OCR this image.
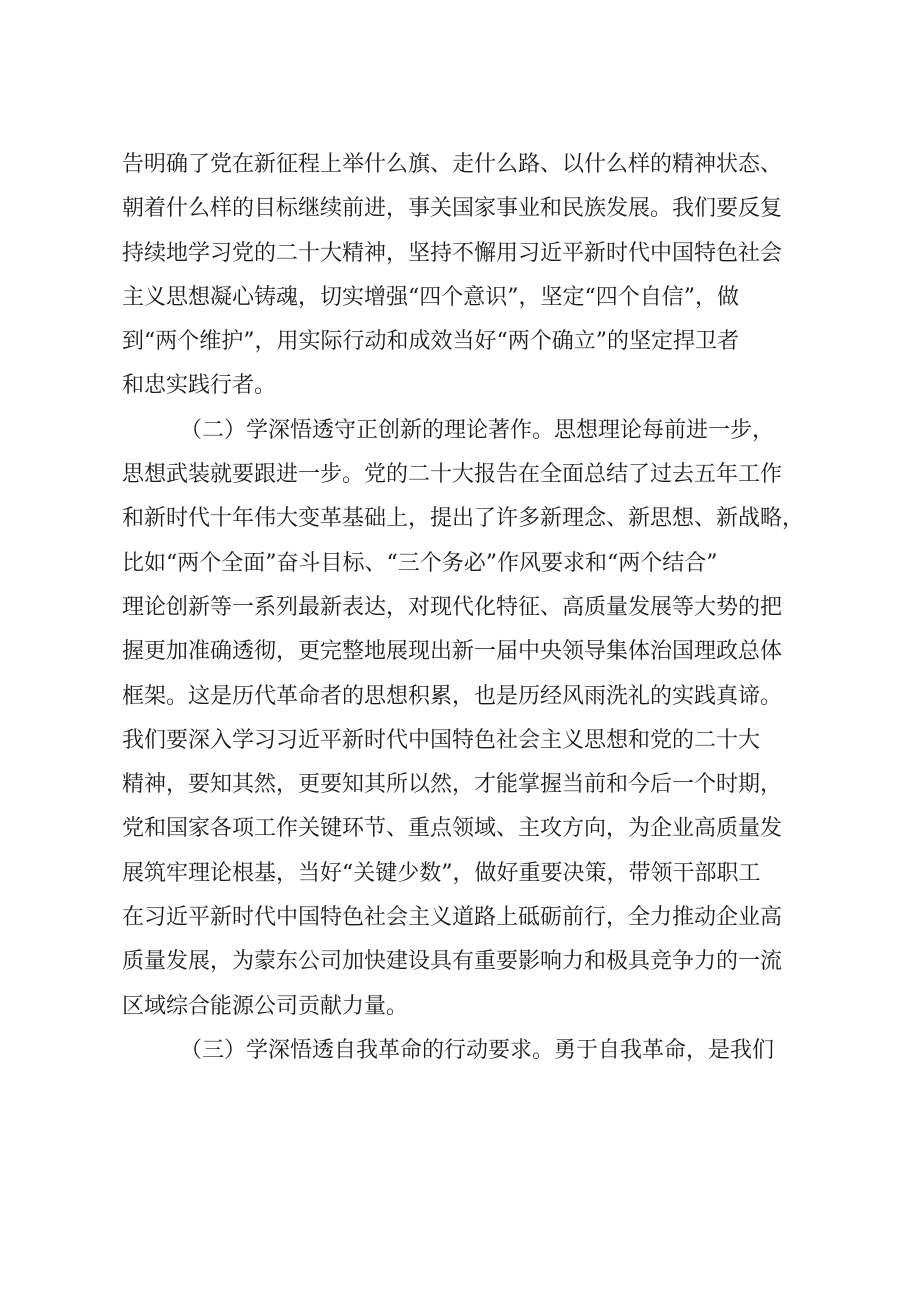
告明确了党在新征程上举什么旗、走什么路、以什么样的精神状态、
朝着什么样的目标继续前进，事关国家事业和民族发展。我们要反复
持续地学习党的二十大精神，坚持不懈用习近平新时代中国特色社会
主义思想凝心铸魂，切实增强“四个意识”，坚定“四个自信”，做
到“两个维护”，用实际行动和成效当好“两个确立”的坚定捍卫者
和忠实践行者。
（二）学深悟透守正创新的理论著作。思想理论每前进一步，
思想武装就要跟进一步。党的二十大报告在全面总结了过去五年工作
和新时代十年伟大变革基础上，提出了许多新理念、新思想、新战略，
比如“两个全面”奋斗目标、“三个务必”作风要求和“两个结合”
理论创新等一系列最新表达，对现代化特征、高质量发展等大势的把
握更加准确透彻，更完整地展现出新一届中央领导集体治国理政总体
框架。这是历代革命者的思想积累，也是历经风雨洗礼的实践真谛。
我们要深入学习习近平新时代中国特色社会主义思想和党的二十大
精神，要知其然，更要知其所以然，才能掌握当前和今后一个时期，
党和国家各项工作关键环节、重点领域、主攻方向，为企业高质量发
展筑牢理论根基，当好“关键少数”，做好重要决策，带领干部职工
在习近平新时代中国特色社会主义道路上砥砺前行，全力推动企业高
质量发展，为蒙东公司加快建设具有重要影响力和极具竞争力的一流
区域综合能源公司贡献力量。
（三）学深悟透自我革命的行动要求。勇于自我革命，是我们
